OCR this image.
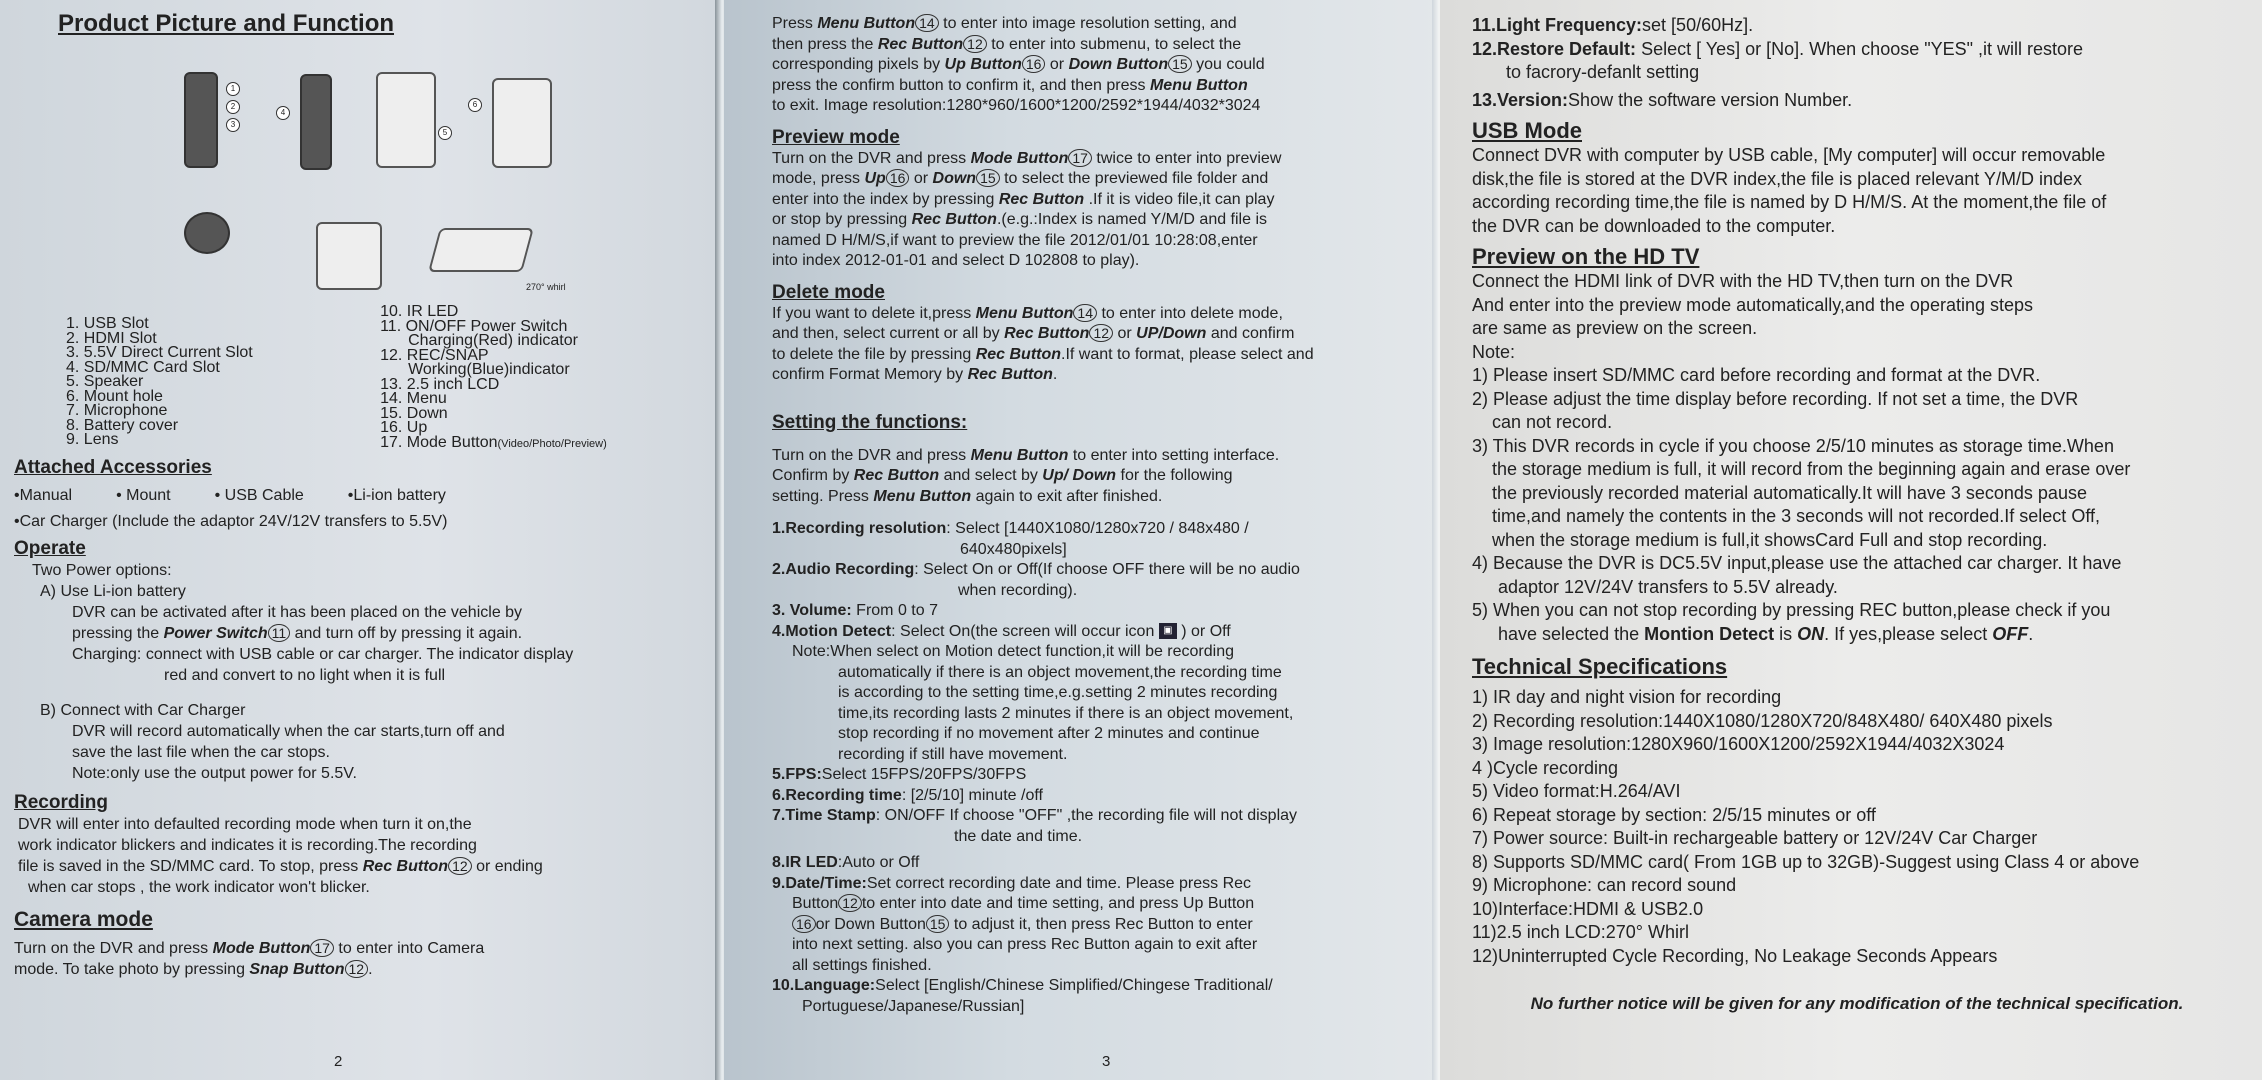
Product Picture and Function

1
2
3
4
5
6
270° whirl

1. USB Slot

2. HDMI Slot

3. 5.5V Direct Current Slot

4. SD/MMC Card Slot

5. Speaker

6. Mount hole

7. Microphone

8. Battery cover

9. Lens

10. IR LED

11. ON/OFF Power Switch

Charging(Red) indicator

12. REC/SNAP

Working(Blue)indicator

13. 2.5 inch LCD

14. Menu

15. Down

16. Up

17. Mode Button(Video/Photo/Preview)

Attached Accessories

•Manual	• Mount	• USB Cable	•Li-ion battery

•Car Charger (Include the adaptor 24V/12V transfers to 5.5V)

Operate

Two Power options:

A) Use Li-ion battery

DVR can be activated after it has been placed on the vehicle by

pressing the Power Switch 11 and turn off by pressing it again.

Charging: connect with USB cable or car charger. The indicator display

red and convert to no light when it is full

B) Connect with Car Charger

DVR will record automatically when the car starts,turn off and

save the last file when the car stops.

Note:only use the output power for 5.5V.

Recording

DVR will enter into defaulted recording mode when turn it on,the

work indicator blickers and indicates it is recording.The recording

file is saved in the SD/MMC card. To stop, press Rec Button 12 or ending

when car stops , the work indicator won't blicker.

Camera mode

Turn on the DVR and press Mode Button 17 to enter into Camera

mode. To take photo by pressing Snap Button 12 .

2

Press Menu Button 14 to enter into image resolution setting, and

then press the Rec Button 12 to enter into submenu, to select the

corresponding pixels by Up Button 16 or Down Button 15 you could

press the confirm button to confirm it, and then press Menu Button

to exit. Image resolution:1280*960/1600*1200/2592*1944/4032*3024

Preview mode

Turn on the DVR and press Mode Button 17 twice to enter into preview

mode, press Up 16 or Down 15 to select the previewed file folder and

enter into the index by pressing Rec Button .If it is video file,it can play

or stop by pressing Rec Button.(e.g.:Index is named Y/M/D and file is

named D H/M/S,if want to preview the file 2012/01/01 10:28:08,enter

into index 2012-01-01 and select D 102808 to play).

Delete mode

If you want to delete it,press Menu Button 14 to enter into delete mode,

and then, select current or all by Rec Button 12 or UP/Down and confirm

to delete the file by pressing Rec Button.If want to format, please select and

confirm Format Memory by Rec Button.

Setting the functions:

Turn on the DVR and press Menu Button to enter into setting interface.

Confirm by Rec Button and select by Up/ Down for the following

setting. Press Menu Button again to exit after finished.

1.Recording resolution: Select [1440X1080/1280x720 / 848x480 /

640x480pixels]

2.Audio Recording: Select On or Off(If choose OFF there will be no audio

when recording).

3. Volume: From 0 to 7

4.Motion Detect: Select On(the screen will occur icon ▣ ) or Off

Note:When select on Motion detect function,it will be recording

automatically if there is an object movement,the recording time

is according to the setting time,e.g.setting 2 minutes recording

time,its recording lasts 2 minutes if there is an object movement,

stop recording if no movement after 2 minutes and continue

recording if still have movement.

5.FPS:Select 15FPS/20FPS/30FPS

6.Recording time: [2/5/10] minute /off

7.Time Stamp: ON/OFF If choose "OFF" ,the recording file will not display

the date and time.

8.IR LED:Auto or Off

9.Date/Time:Set correct recording date and time. Please press Rec

Button 12 to enter into date and time setting, and press Up Button

16 or Down Button 15 to adjust it, then press Rec Button to enter

into next setting. also you can press Rec Button again to exit after

all settings finished.

10.Language:Select [English/Chinese Simplified/Chingese Traditional/

Portuguese/Japanese/Russian]

3

11.Light Frequency:set [50/60Hz].

12.Restore Default: Select [ Yes] or [No]. When choose "YES" ,it will restore

to facrory-defanlt setting

13.Version:Show the software version Number.

USB Mode

Connect DVR with computer by USB cable, [My computer] will occur removable

disk,the file is stored at the DVR index,the file is placed relevant Y/M/D index

according recording time,the file is named by D H/M/S. At the moment,the file of

the DVR can be downloaded to the computer.

Preview on the HD TV

Connect the HDMI link of DVR with the HD TV,then turn on the DVR

And enter into the preview mode automatically,and the operating steps

are same as preview on the screen.

Note:

1) Please insert SD/MMC card before recording and format at the DVR.

2) Please adjust the time display before recording. If not set a time, the DVR

can not record.

3) This DVR records in cycle if you choose 2/5/10 minutes as storage time.When

the storage medium is full, it will record from the beginning again and erase over

the previously recorded material automatically.It will have 3 seconds pause

time,and namely the contents in the 3 seconds will not recorded.If select Off,

when the storage medium is full,it showsCard Full and stop recording.

4) Because the DVR is DC5.5V input,please use the attached car charger. It have

adaptor 12V/24V transfers to 5.5V already.

5) When you can not stop recording by pressing REC button,please check if you

have selected the Montion Detect is ON. If yes,please select OFF.

Technical Specifications

1) IR day and night vision for recording

2) Recording resolution:1440X1080/1280X720/848X480/ 640X480 pixels

3) Image resolution:1280X960/1600X1200/2592X1944/4032X3024

4 )Cycle recording

5) Video format:H.264/AVI

6) Repeat storage by section: 2/5/15 minutes or off

7) Power source: Built-in rechargeable battery or 12V/24V Car Charger

8) Supports SD/MMC card( From 1GB up to 32GB)-Suggest using Class 4 or above

9) Microphone: can record sound

10)Interface:HDMI & USB2.0

11)2.5 inch LCD:270° Whirl

12)Uninterrupted Cycle Recording, No Leakage Seconds Appears

No further notice will be given for any modification of the technical specification.
